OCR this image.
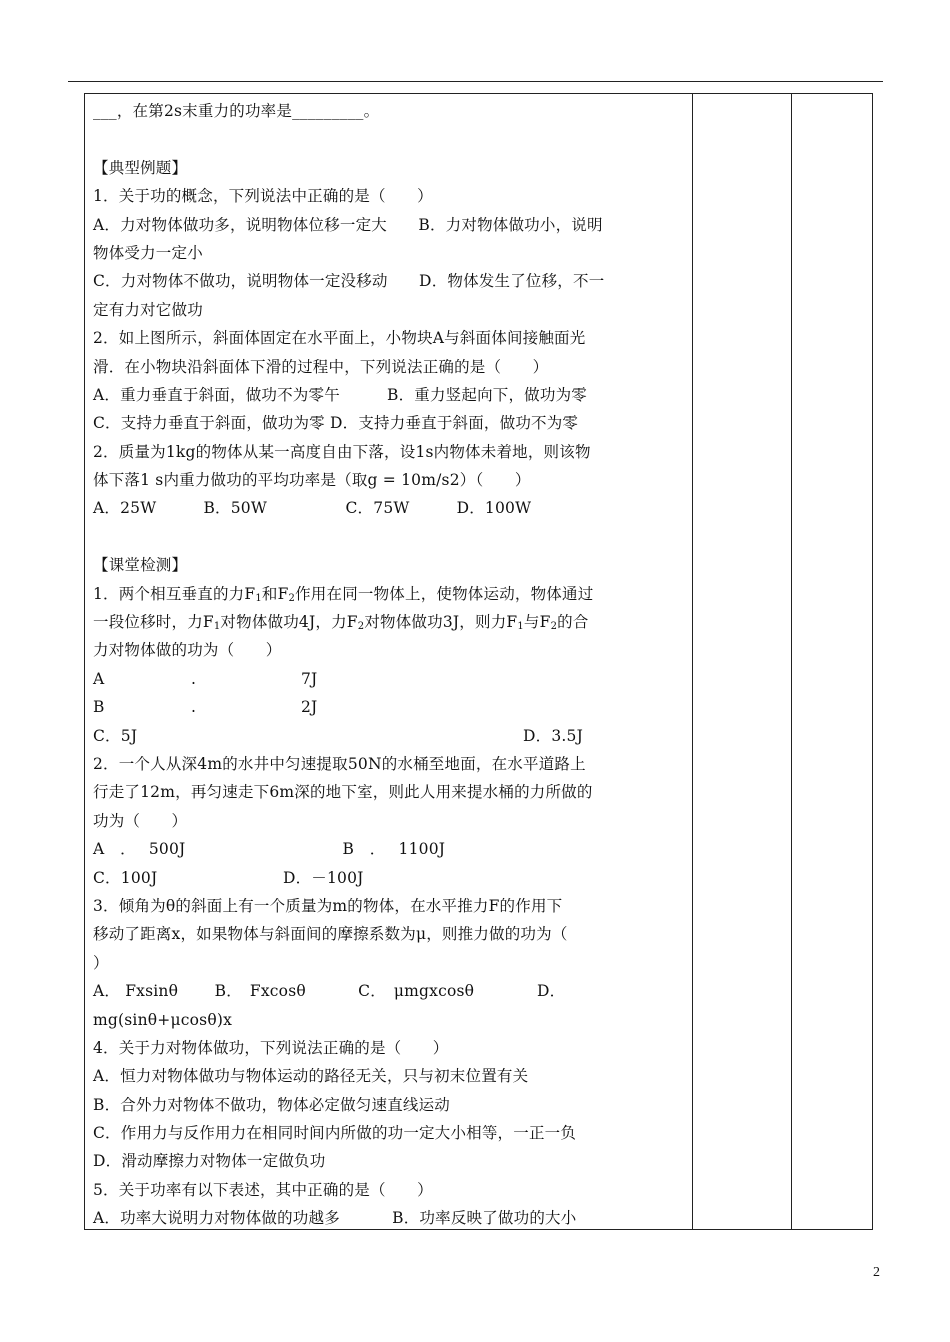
___，在第2s末重力的功率是_________。
【典型例题】
1．关于功的概念，下列说法中正确的是（　　）
A．力对物体做功多，说明物体位移一定大　　B．力对物体做功小，说明
物体受力一定小
C．力对物体不做功，说明物体一定没移动　　D．物体发生了位移，不一
定有力对它做功
2．如上图所示，斜面体固定在水平面上，小物块A与斜面体间接触面光
滑．在小物块沿斜面体下滑的过程中，下列说法正确的是（　　）
A．重力垂直于斜面，做功不为零午　　　B．重力竖起向下，做功为零
C．支持力垂直于斜面，做功为零 D．支持力垂直于斜面，做功不为零
2．质量为1kg的物体从某一高度自由下落，设1s内物体未着地，则该物
体下落1 s内重力做功的平均功率是（取g = 10m/s2）（　　）
A．25W　　　B．50W　　　　　C．75W　　　D．100W
【课堂检测】
1．两个相互垂直的力$F_1$和$F_2$作用在同一物体上，使物体运动，物体通过
一段位移时，力$F_1$对物体做功4J，力$F_2$对物体做功3J，则力$F_1$与$F_2$的合
力对物体做的功为（　　）
A	.	7J
B	.	2J
C．5J	D．3.5J
2．一个人从深4m的水井中匀速提取50N的水桶至地面，在水平道路上
行走了12m，再匀速走下6m深的地下室，则此人用来提水桶的力所做的
功为（　　）
A　．　 500J　　　　　　　　　　B　．　 1100J
C．100J　　　　　　　　D．－100J
3．倾角为θ的斜面上有一个质量为m的物体，在水平推力F的作用下
移动了距离x，如果物体与斜面间的摩擦系数为μ，则推力做的功为（
）
A． Fxsinθ　　 B．　Fxcosθ　　　 C．　μmgxcosθ　　　　D．
mg(sinθ+μcosθ)x
4．关于力对物体做功，下列说法正确的是（　　）
A．恒力对物体做功与物体运动的路径无关，只与初末位置有关
B．合外力对物体不做功，物体必定做匀速直线运动
C．作用力与反作用力在相同时间内所做的功一定大小相等，一正一负
D．滑动摩擦力对物体一定做负功
5．关于功率有以下表述，其中正确的是（　　）
A．功率大说明力对物体做的功越多　　　 B．功率反映了做功的大小
2
